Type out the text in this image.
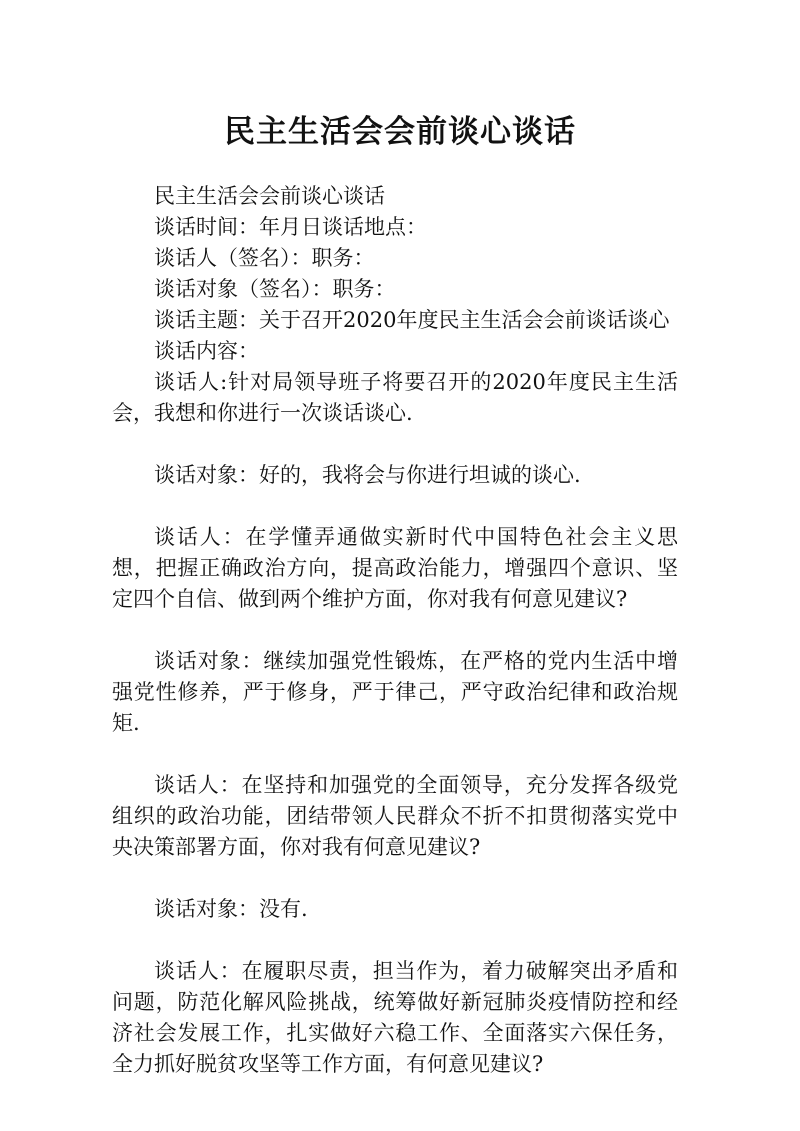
民主生活会会前谈心谈话

民主生活会会前谈心谈话

谈话时间：年月日谈话地点：

谈话人（签名）：职务：

谈话对象（签名）：职务：

谈话主题：关于召开2020年度民主生活会会前谈话谈心

谈话内容：

谈话人:针对局领导班子将要召开的2020年度民主生活会，我想和你进行一次谈话谈心.

谈话对象：好的，我将会与你进行坦诚的谈心.

谈话人：在学懂弄通做实新时代中国特色社会主义思想，把握正确政治方向，提高政治能力，增强四个意识、坚定四个自信、做到两个维护方面，你对我有何意见建议?

谈话对象：继续加强党性锻炼，在严格的党内生活中增强党性修养，严于修身，严于律己，严守政治纪律和政治规矩.

谈话人：在坚持和加强党的全面领导，充分发挥各级党组织的政治功能，团结带领人民群众不折不扣贯彻落实党中央决策部署方面，你对我有何意见建议?

谈话对象：没有.

谈话人：在履职尽责，担当作为，着力破解突出矛盾和问题，防范化解风险挑战，统筹做好新冠肺炎疫情防控和经济社会发展工作，扎实做好六稳工作、全面落实六保任务，全力抓好脱贫攻坚等工作方面，有何意见建议?
